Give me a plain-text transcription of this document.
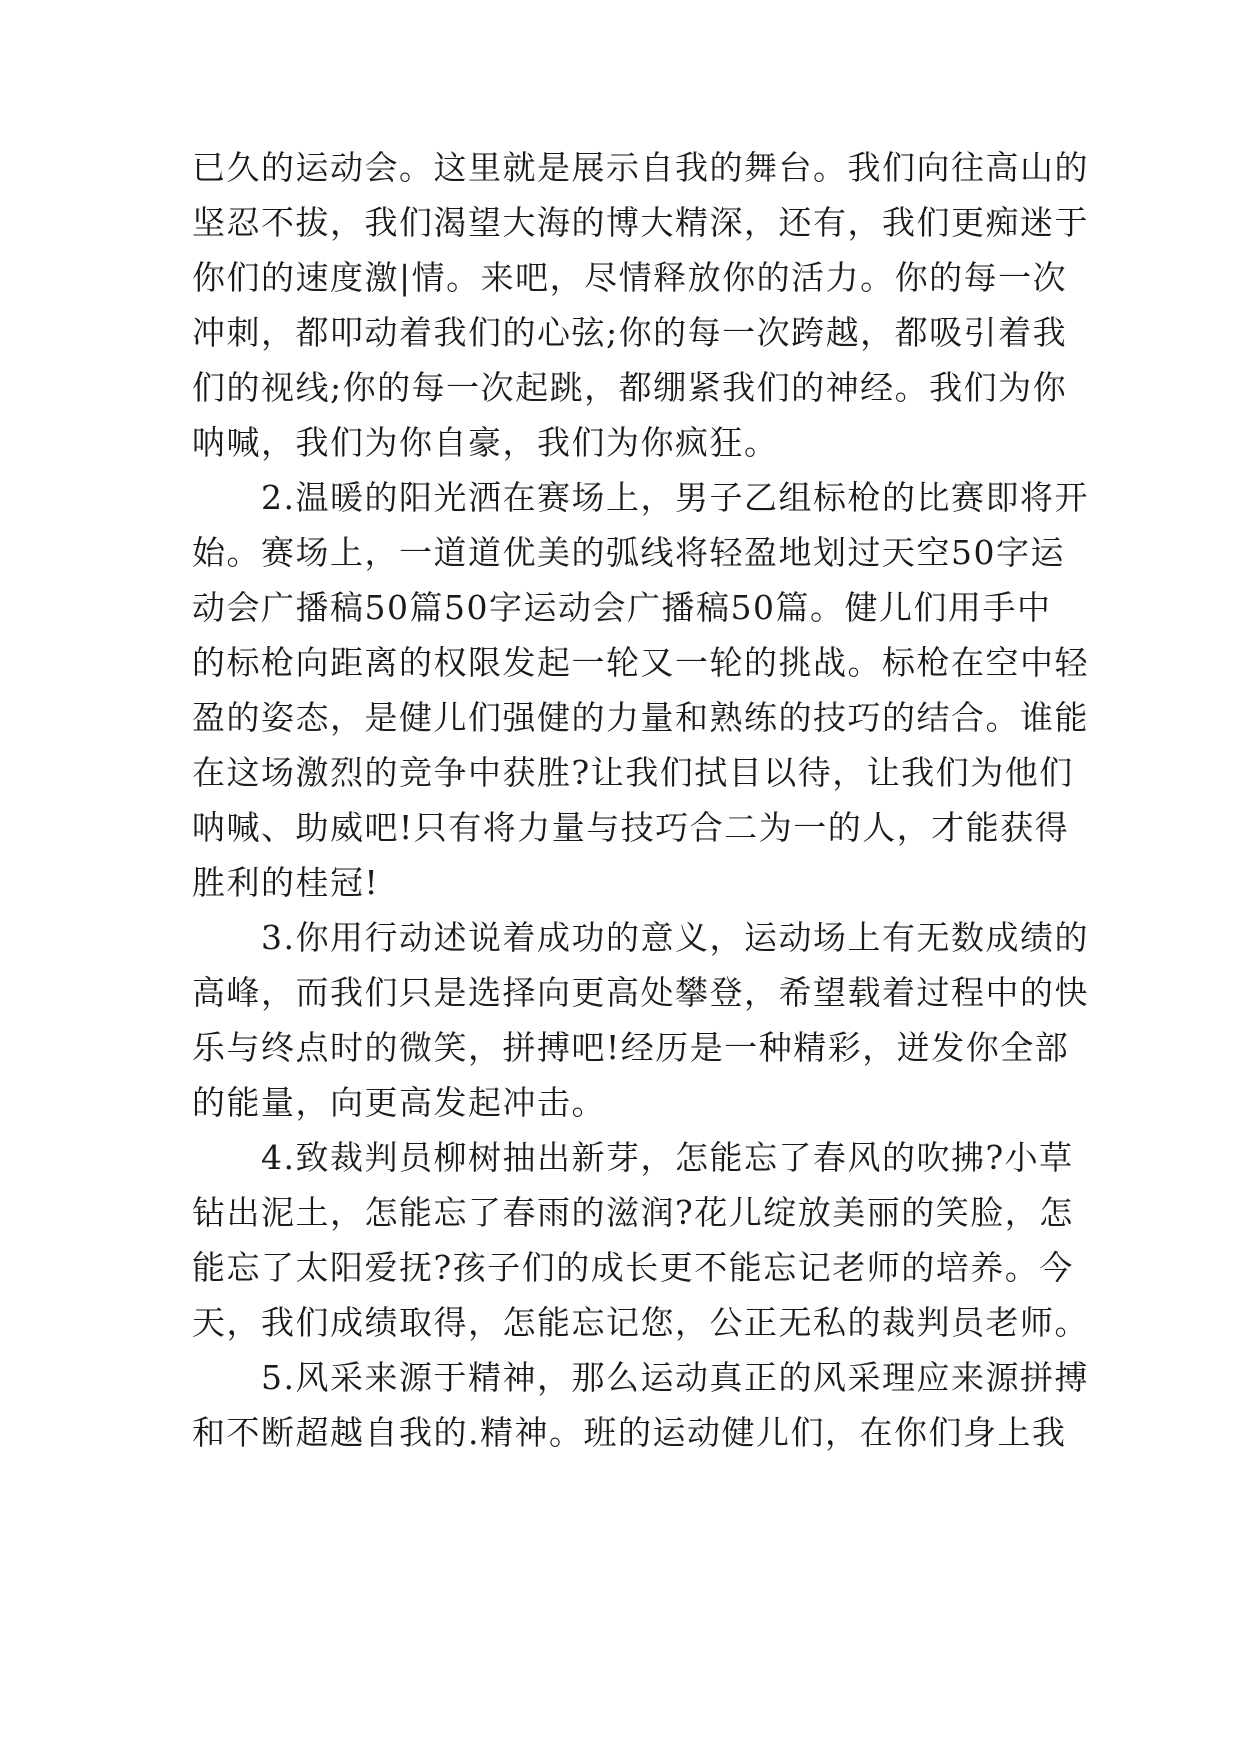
已久的运动会。这里就是展示自我的舞台。我们向往高山的
坚忍不拔，我们渴望大海的博大精深，还有，我们更痴迷于
你们的速度激|情。来吧，尽情释放你的活力。你的每一次
冲刺，都叩动着我们的心弦;你的每一次跨越，都吸引着我
们的视线;你的每一次起跳，都绷紧我们的神经。我们为你
呐喊，我们为你自豪，我们为你疯狂。
　　2.温暖的阳光洒在赛场上，男子乙组标枪的比赛即将开
始。赛场上，一道道优美的弧线将轻盈地划过天空50字运
动会广播稿50篇50字运动会广播稿50篇。健儿们用手中
的标枪向距离的权限发起一轮又一轮的挑战。标枪在空中轻
盈的姿态，是健儿们强健的力量和熟练的技巧的结合。谁能
在这场激烈的竞争中获胜?让我们拭目以待，让我们为他们
呐喊、助威吧!只有将力量与技巧合二为一的人，才能获得
胜利的桂冠!
　　3.你用行动述说着成功的意义，运动场上有无数成绩的
高峰，而我们只是选择向更高处攀登，希望载着过程中的快
乐与终点时的微笑，拼搏吧!经历是一种精彩，迸发你全部
的能量，向更高发起冲击。
　　4.致裁判员柳树抽出新芽，怎能忘了春风的吹拂?小草
钻出泥土，怎能忘了春雨的滋润?花儿绽放美丽的笑脸，怎
能忘了太阳爱抚?孩子们的成长更不能忘记老师的培养。今
天，我们成绩取得，怎能忘记您，公正无私的裁判员老师。
　　5.风采来源于精神，那么运动真正的风采理应来源拼搏
和不断超越自我的.精神。班的运动健儿们，在你们身上我
